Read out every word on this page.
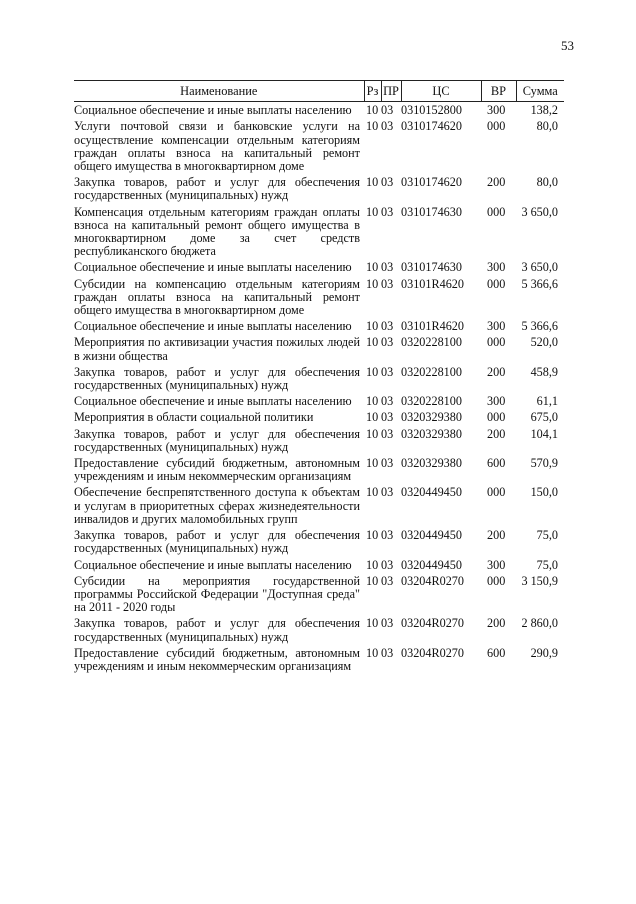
53
Наименование	Рз	ПР	ЦС	ВР	Сумма
Социальное обеспечение и иные выплаты населению	10	03	0310152800	300	138,2
Услуги почтовой связи и банковские услуги на осуществление компенсации отдельным категориям граждан оплаты взноса на капитальный ремонт общего имущества в многоквартирном доме	10	03	0310174620	000	80,0
Закупка товаров, работ и услуг для обеспечения государственных (муниципальных) нужд	10	03	0310174620	200	80,0
Компенсация отдельным категориям граждан оплаты взноса на капитальный ремонт общего имущества в многоквартирном доме за счет средств республиканского бюджета	10	03	0310174630	000	3 650,0
Социальное обеспечение и иные выплаты населению	10	03	0310174630	300	3 650,0
Субсидии на компенсацию отдельным категориям граждан оплаты взноса на капитальный ремонт общего имущества в многоквартирном доме	10	03	03101R4620	000	5 366,6
Социальное обеспечение и иные выплаты населению	10	03	03101R4620	300	5 366,6
Мероприятия по активизации участия пожилых людей в жизни общества	10	03	0320228100	000	520,0
Закупка товаров, работ и услуг для обеспечения государственных (муниципальных) нужд	10	03	0320228100	200	458,9
Социальное обеспечение и иные выплаты населению	10	03	0320228100	300	61,1
Мероприятия в области социальной политики	10	03	0320329380	000	675,0
Закупка товаров, работ и услуг для обеспечения государственных (муниципальных) нужд	10	03	0320329380	200	104,1
Предоставление субсидий бюджетным, автономным учреждениям и иным некоммерческим организациям	10	03	0320329380	600	570,9
Обеспечение беспрепятственного доступа к объектам и услугам в приоритетных сферах жизнедеятельности инвалидов и других маломобильных групп	10	03	0320449450	000	150,0
Закупка товаров, работ и услуг для обеспечения государственных (муниципальных) нужд	10	03	0320449450	200	75,0
Социальное обеспечение и иные выплаты населению	10	03	0320449450	300	75,0
Субсидии на мероприятия государственной программы Российской Федерации "Доступная среда" на 2011 - 2020 годы	10	03	03204R0270	000	3 150,9
Закупка товаров, работ и услуг для обеспечения государственных (муниципальных) нужд	10	03	03204R0270	200	2 860,0
Предоставление субсидий бюджетным, автономным учреждениям и иным некоммерческим организациям	10	03	03204R0270	600	290,9
